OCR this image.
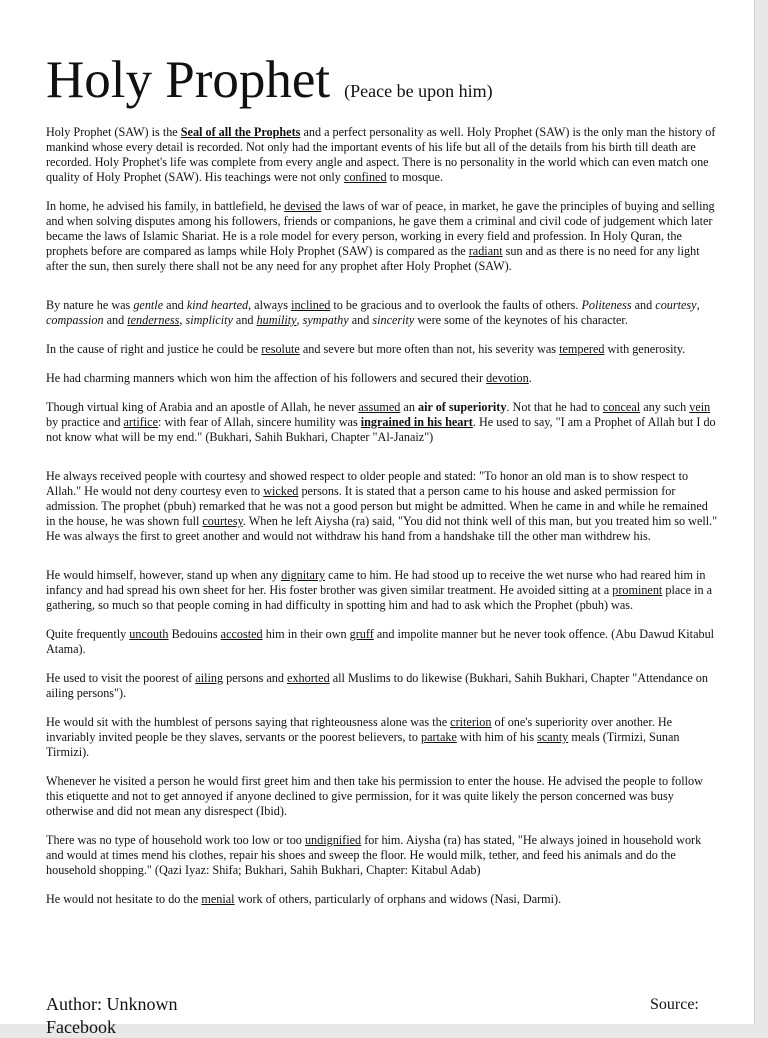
Holy Prophet (Peace be upon him)

Holy Prophet (SAW) is the Seal of all the Prophets and a perfect personality as well. Holy Prophet (SAW) is the only man the history of mankind whose every detail is recorded. Not only had the important events of his life but all of the details from his birth till death are recorded. Holy Prophet's life was complete from every angle and aspect. There is no personality in the world which can even match one quality of Holy Prophet (SAW). His teachings were not only confined to mosque.

In home, he advised his family, in battlefield, he devised the laws of war of peace, in market, he gave the principles of buying and selling and when solving disputes among his followers, friends or companions, he gave them a criminal and civil code of judgement which later became the laws of Islamic Shariat. He is a role model for every person, working in every field and profession. In Holy Quran, the prophets before are compared as lamps while Holy Prophet (SAW) is compared as the radiant sun and as there is no need for any light after the sun, then surely there shall not be any need for any prophet after Holy Prophet (SAW).

By nature he was gentle and kind hearted, always inclined to be gracious and to overlook the faults of others. Politeness and courtesy, compassion and tenderness, simplicity and humility, sympathy and sincerity were some of the keynotes of his character.

In the cause of right and justice he could be resolute and severe but more often than not, his severity was tempered with generosity.

He had charming manners which won him the affection of his followers and secured their devotion.

Though virtual king of Arabia and an apostle of Allah, he never assumed an air of superiority. Not that he had to conceal any such vein by practice and artifice: with fear of Allah, sincere humility was ingrained in his heart. He used to say, "I am a Prophet of Allah but I do not know what will be my end." (Bukhari, Sahih Bukhari, Chapter "Al-Janaiz")

He always received people with courtesy and showed respect to older people and stated: "To honor an old man is to show respect to Allah." He would not deny courtesy even to wicked persons. It is stated that a person came to his house and asked permission for admission. The prophet (pbuh) remarked that he was not a good person but might be admitted. When he came in and while he remained in the house, he was shown full courtesy. When he left Aiysha (ra) said, "You did not think well of this man, but you treated him so well." He was always the first to greet another and would not withdraw his hand from a handshake till the other man withdrew his.

He would himself, however, stand up when any dignitary came to him. He had stood up to receive the wet nurse who had reared him in infancy and had spread his own sheet for her. His foster brother was given similar treatment. He avoided sitting at a prominent place in a gathering, so much so that people coming in had difficulty in spotting him and had to ask which the Prophet (pbuh) was.

Quite frequently uncouth Bedouins accosted him in their own gruff and impolite manner but he never took offence. (Abu Dawud Kitabul Atama).

He used to visit the poorest of ailing persons and exhorted all Muslims to do likewise (Bukhari, Sahih Bukhari, Chapter "Attendance on ailing persons").

He would sit with the humblest of persons saying that righteousness alone was the criterion of one's superiority over another. He invariably invited people be they slaves, servants or the poorest believers, to partake with him of his scanty meals (Tirmizi, Sunan Tirmizi).

Whenever he visited a person he would first greet him and then take his permission to enter the house. He advised the people to follow this etiquette and not to get annoyed if anyone declined to give permission, for it was quite likely the person concerned was busy otherwise and did not mean any disrespect (Ibid).

There was no type of household work too low or too undignified for him. Aiysha (ra) has stated, "He always joined in household work and would at times mend his clothes, repair his shoes and sweep the floor. He would milk, tether, and feed his animals and do the household shopping." (Qazi Iyaz: Shifa; Bukhari, Sahih Bukhari, Chapter: Kitabul Adab)

He would not hesitate to do the menial work of others, particularly of orphans and widows (Nasi, Darmi).

Author: Unknown	Source:
Facebook
